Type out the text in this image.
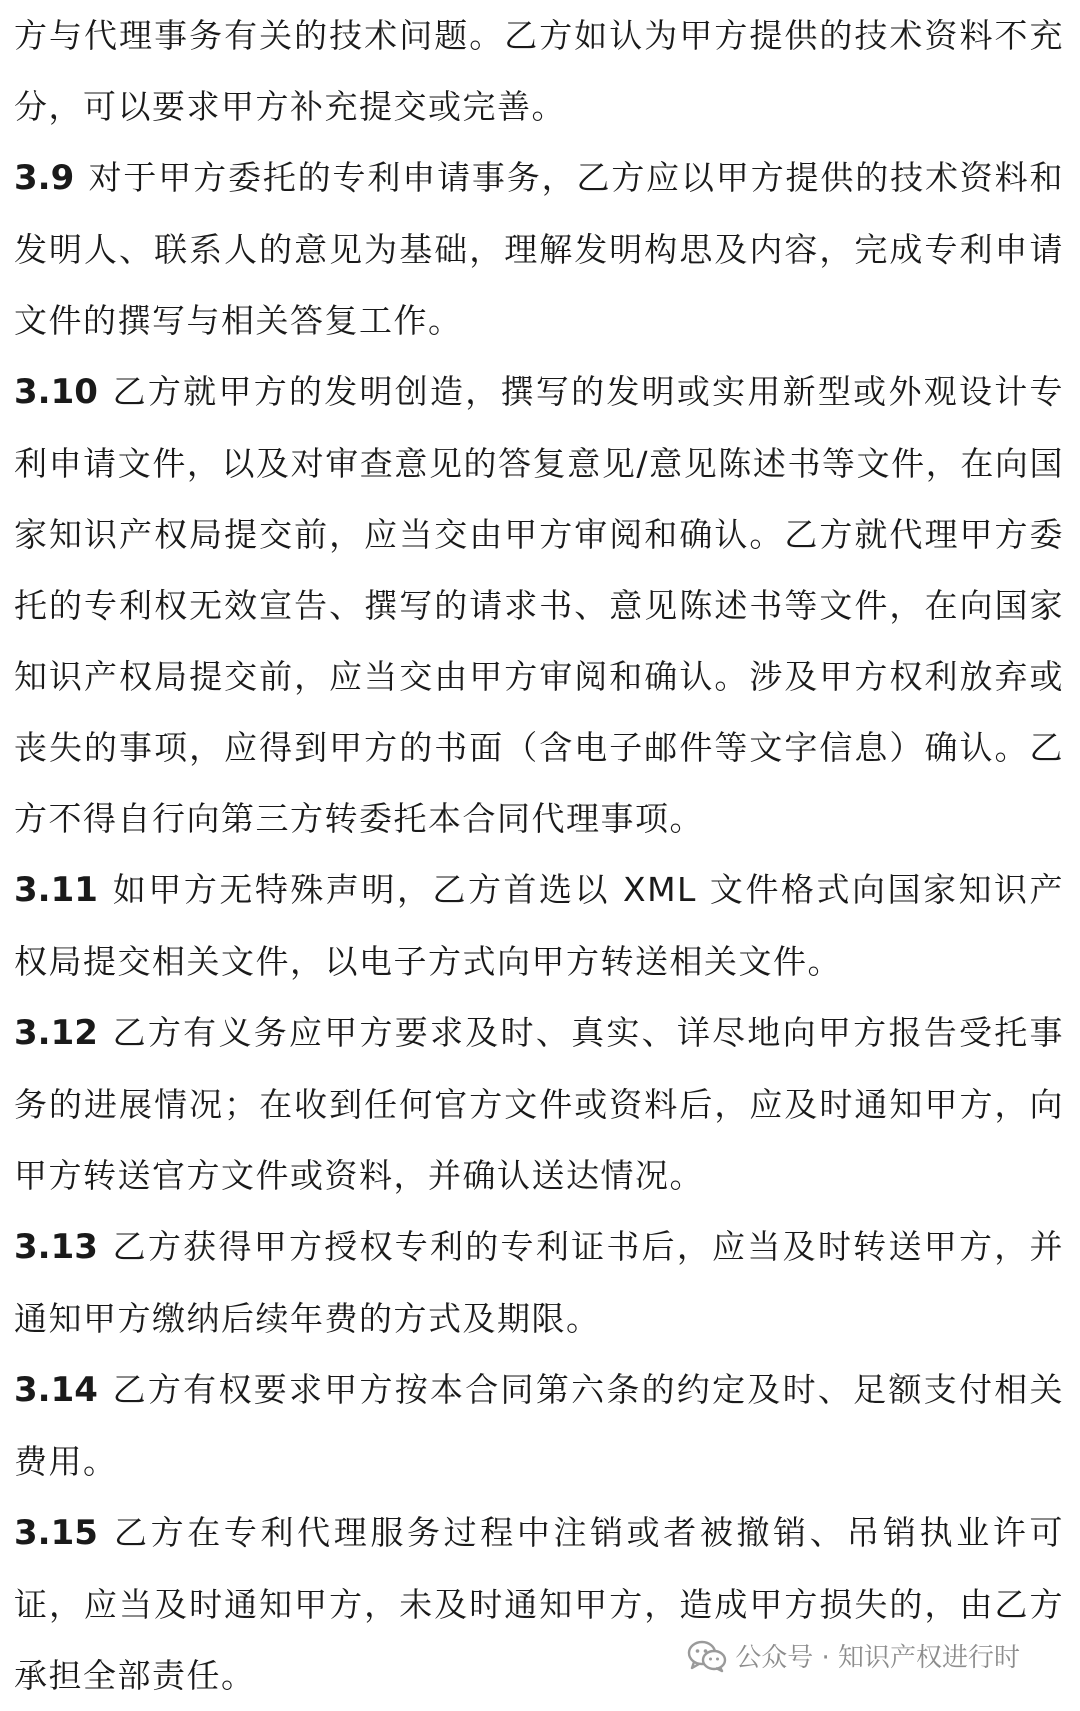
方与代理事务有关的技术问题。乙方如认为甲方提供的技术资料不充分，可以要求甲方补充提交或完善。

3.9 对于甲方委托的专利申请事务，乙方应以甲方提供的技术资料和发明人、联系人的意见为基础，理解发明构思及内容，完成专利申请文件的撰写与相关答复工作。

3.10 乙方就甲方的发明创造，撰写的发明或实用新型或外观设计专利申请文件，以及对审查意见的答复意见/意见陈述书等文件，在向国家知识产权局提交前，应当交由甲方审阅和确认。乙方就代理甲方委托的专利权无效宣告、撰写的请求书、意见陈述书等文件，在向国家知识产权局提交前，应当交由甲方审阅和确认。涉及甲方权利放弃或丧失的事项，应得到甲方的书面（含电子邮件等文字信息）确认。乙方不得自行向第三方转委托本合同代理事项。

3.11 如甲方无特殊声明，乙方首选以 XML 文件格式向国家知识产权局提交相关文件，以电子方式向甲方转送相关文件。

3.12 乙方有义务应甲方要求及时、真实、详尽地向甲方报告受托事务的进展情况；在收到任何官方文件或资料后，应及时通知甲方，向甲方转送官方文件或资料，并确认送达情况。

3.13 乙方获得甲方授权专利的专利证书后，应当及时转送甲方，并通知甲方缴纳后续年费的方式及期限。

3.14 乙方有权要求甲方按本合同第六条的约定及时、足额支付相关费用。

3.15 乙方在专利代理服务过程中注销或者被撤销、吊销执业许可证，应当及时通知甲方，未及时通知甲方，造成甲方损失的，由乙方承担全部责任。	公众号 · 知识产权进行时
